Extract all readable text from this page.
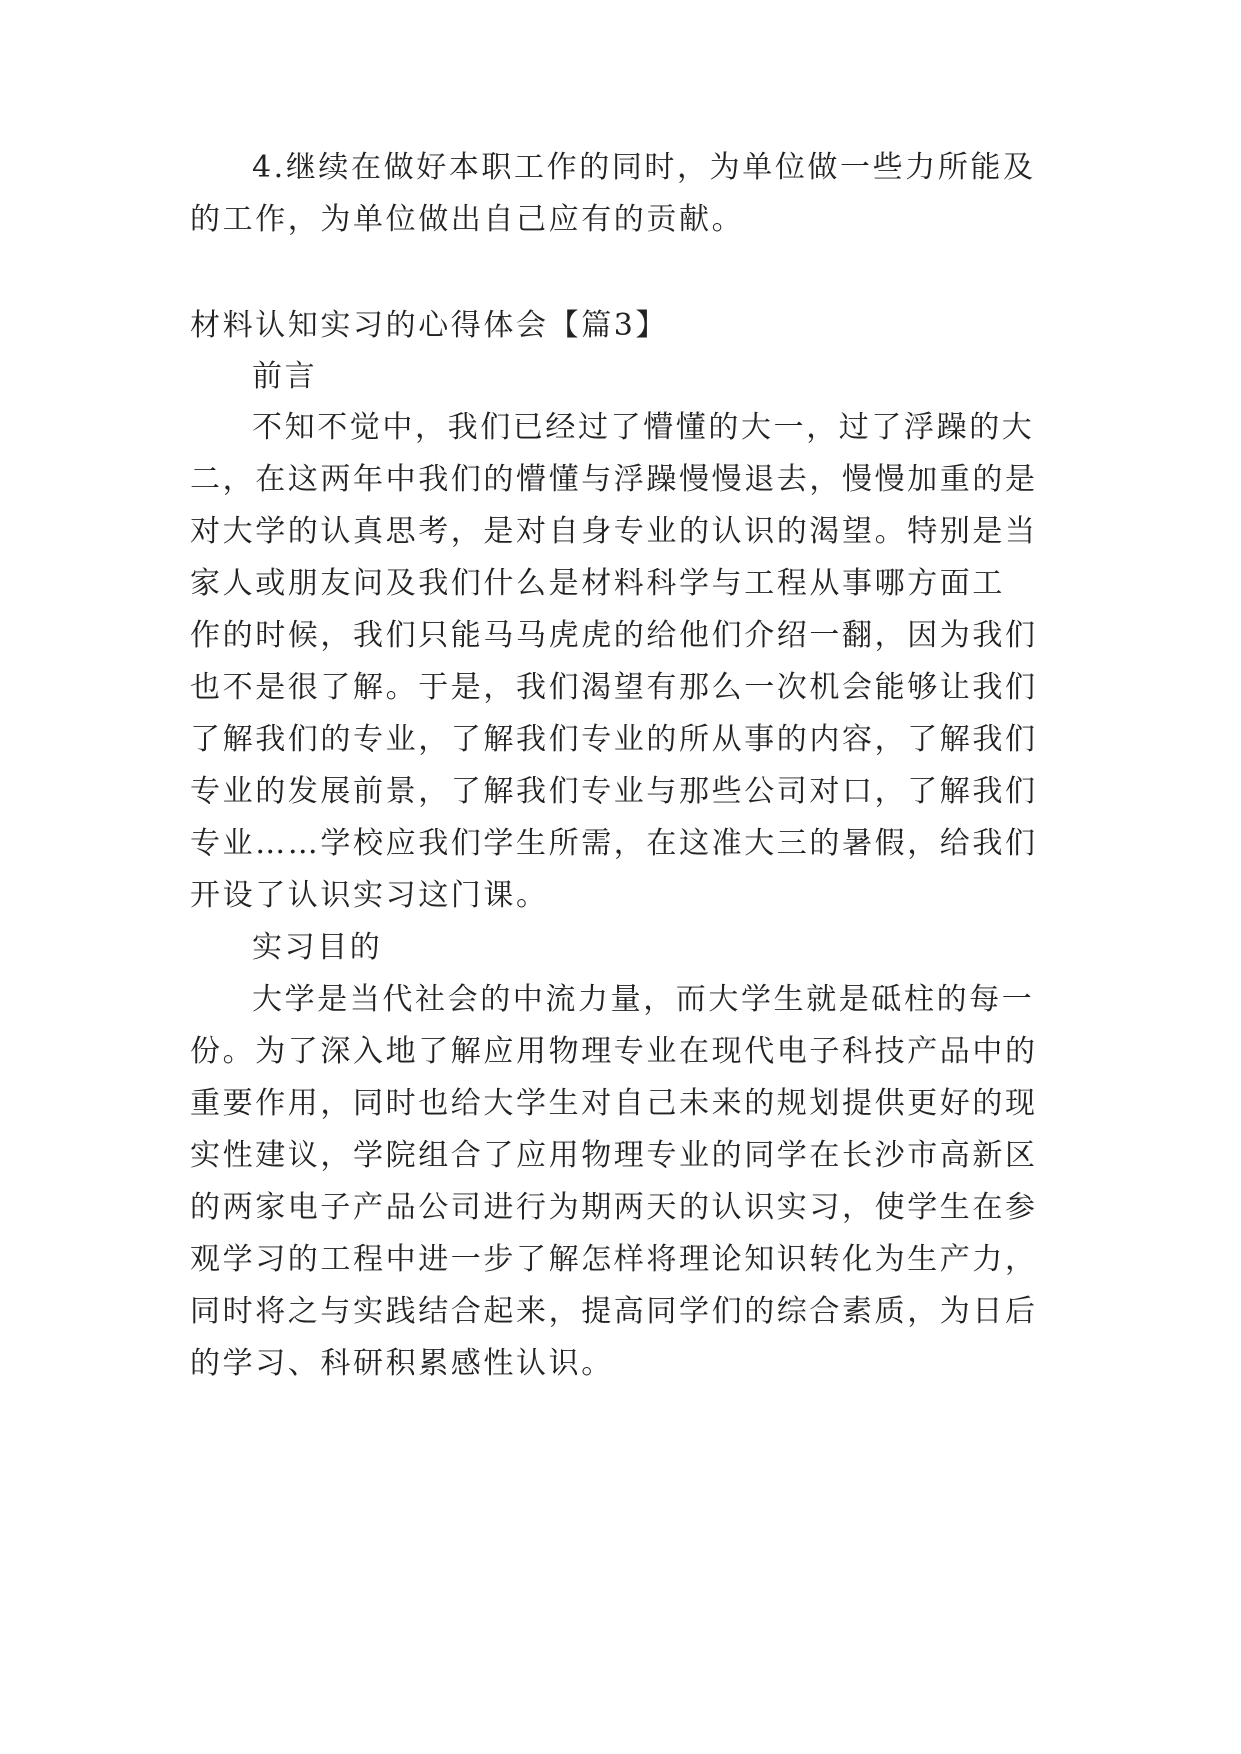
4.继续在做好本职工作的同时，为单位做一些力所能及
的工作，为单位做出自己应有的贡献。
材料认知实习的心得体会【篇3】
前言
不知不觉中，我们已经过了懵懂的大一，过了浮躁的大
二，在这两年中我们的懵懂与浮躁慢慢退去，慢慢加重的是
对大学的认真思考，是对自身专业的认识的渴望。特别是当
家人或朋友问及我们什么是材料科学与工程从事哪方面工
作的时候，我们只能马马虎虎的给他们介绍一翻，因为我们
也不是很了解。于是，我们渴望有那么一次机会能够让我们
了解我们的专业，了解我们专业的所从事的内容，了解我们
专业的发展前景，了解我们专业与那些公司对口，了解我们
专业……学校应我们学生所需，在这准大三的暑假，给我们
开设了认识实习这门课。
实习目的
大学是当代社会的中流力量，而大学生就是砥柱的每一
份。为了深入地了解应用物理专业在现代电子科技产品中的
重要作用，同时也给大学生对自己未来的规划提供更好的现
实性建议，学院组合了应用物理专业的同学在长沙市高新区
的两家电子产品公司进行为期两天的认识实习，使学生在参
观学习的工程中进一步了解怎样将理论知识转化为生产力，
同时将之与实践结合起来，提高同学们的综合素质，为日后
的学习、科研积累感性认识。
